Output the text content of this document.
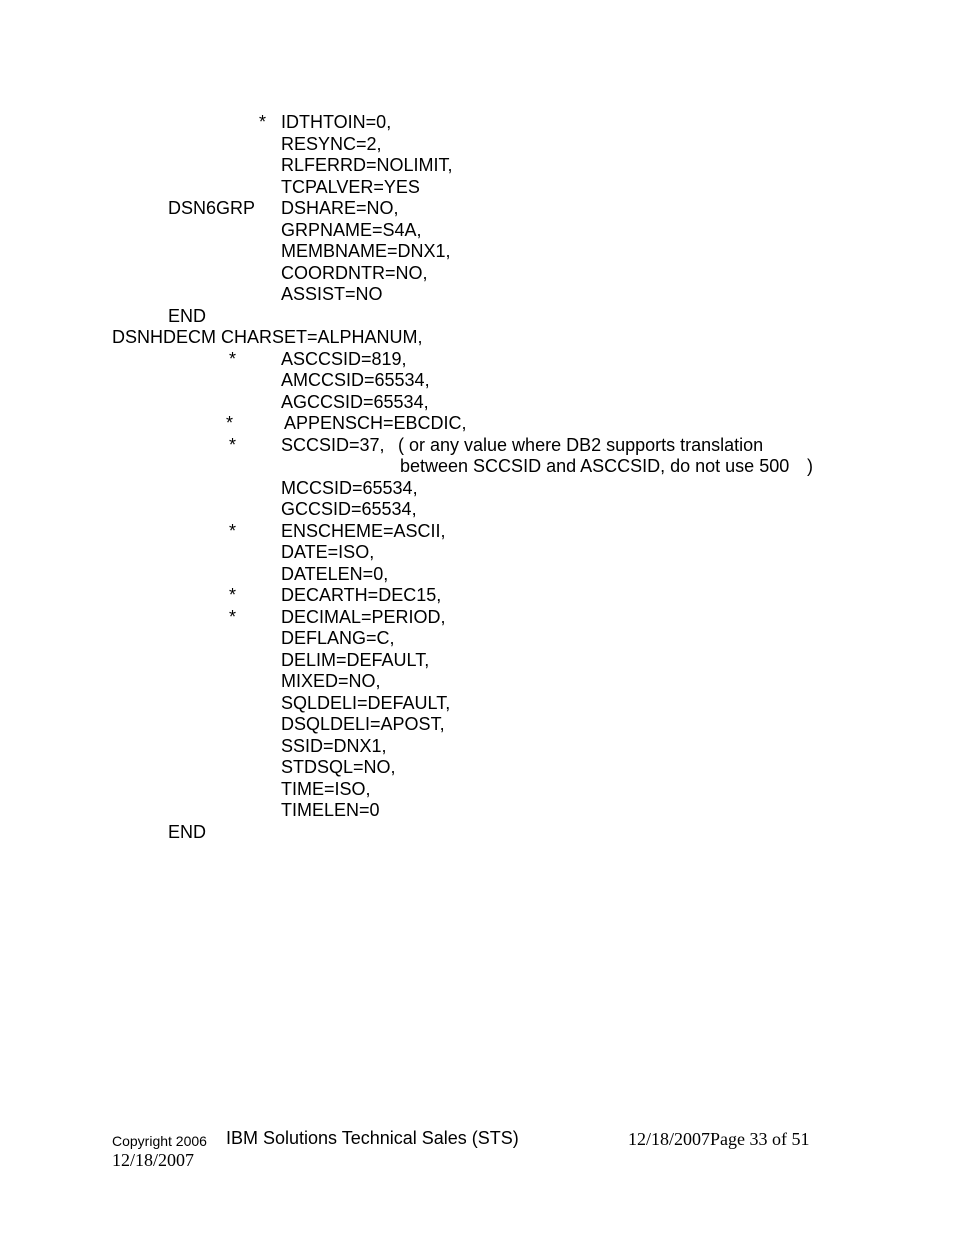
* IDTHTOIN=0,
RESYNC=2,
RLFERRD=NOLIMIT,
TCPALVER=YES
DSN6GRP DSHARE=NO,
GRPNAME=S4A,
MEMBNAME=DNX1,
COORDNTR=NO,
ASSIST=NO
END
DSNHDECM CHARSET=ALPHANUM,
* ASCCSID=819,
AMCCSID=65534,
AGCCSID=65534,
*	APPENSCH=EBCDIC,
* SCCSID=37, ( or any value where DB2 supports translation
between SCCSID and ASCCSID, do not use 500 )
MCCSID=65534,
GCCSID=65534,
* ENSCHEME=ASCII,
DATE=ISO,
DATELEN=0,
* DECARTH=DEC15,
* DECIMAL=PERIOD,
DEFLANG=C,
DELIM=DEFAULT,
MIXED=NO,
SQLDELI=DEFAULT,
DSQLDELI=APOST,
SSID=DNX1,
STDSQL=NO,
TIME=ISO,
TIMELEN=0
END
Copyright 2006 IBM Solutions Technical Sales (STS)	12/18/2007Page 33 of 51
12/18/2007
